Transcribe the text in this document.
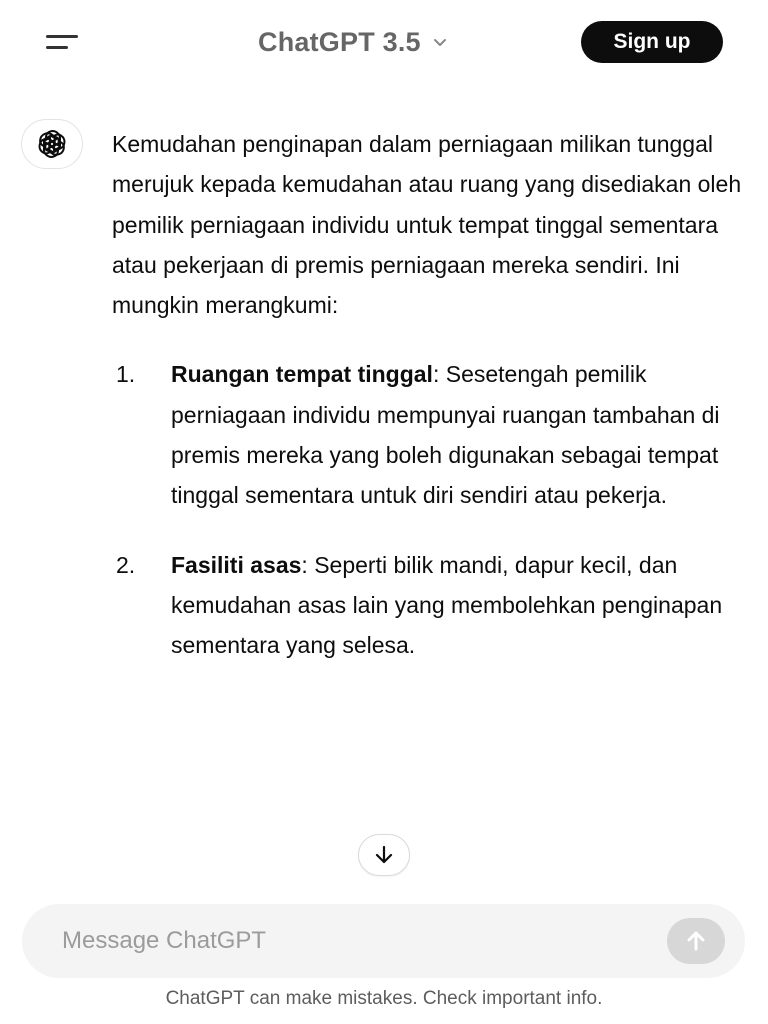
ChatGPT 3.5	Sign up

Kemudahan penginapan dalam perniagaan milikan tunggal merujuk kepada kemudahan atau ruang yang disediakan oleh pemilik perniagaan individu untuk tempat tinggal sementara atau pekerjaan di premis perniagaan mereka sendiri. Ini mungkin merangkumi:

1. Ruangan tempat tinggal: Sesetengah pemilik perniagaan individu mempunyai ruangan tambahan di premis mereka yang boleh digunakan sebagai tempat tinggal sementara untuk diri sendiri atau pekerja.
2. Fasiliti asas: Seperti bilik mandi, dapur kecil, dan kemudahan asas lain yang membolehkan penginapan sementara yang selesa.
Message ChatGPT
ChatGPT can make mistakes. Check important info.
